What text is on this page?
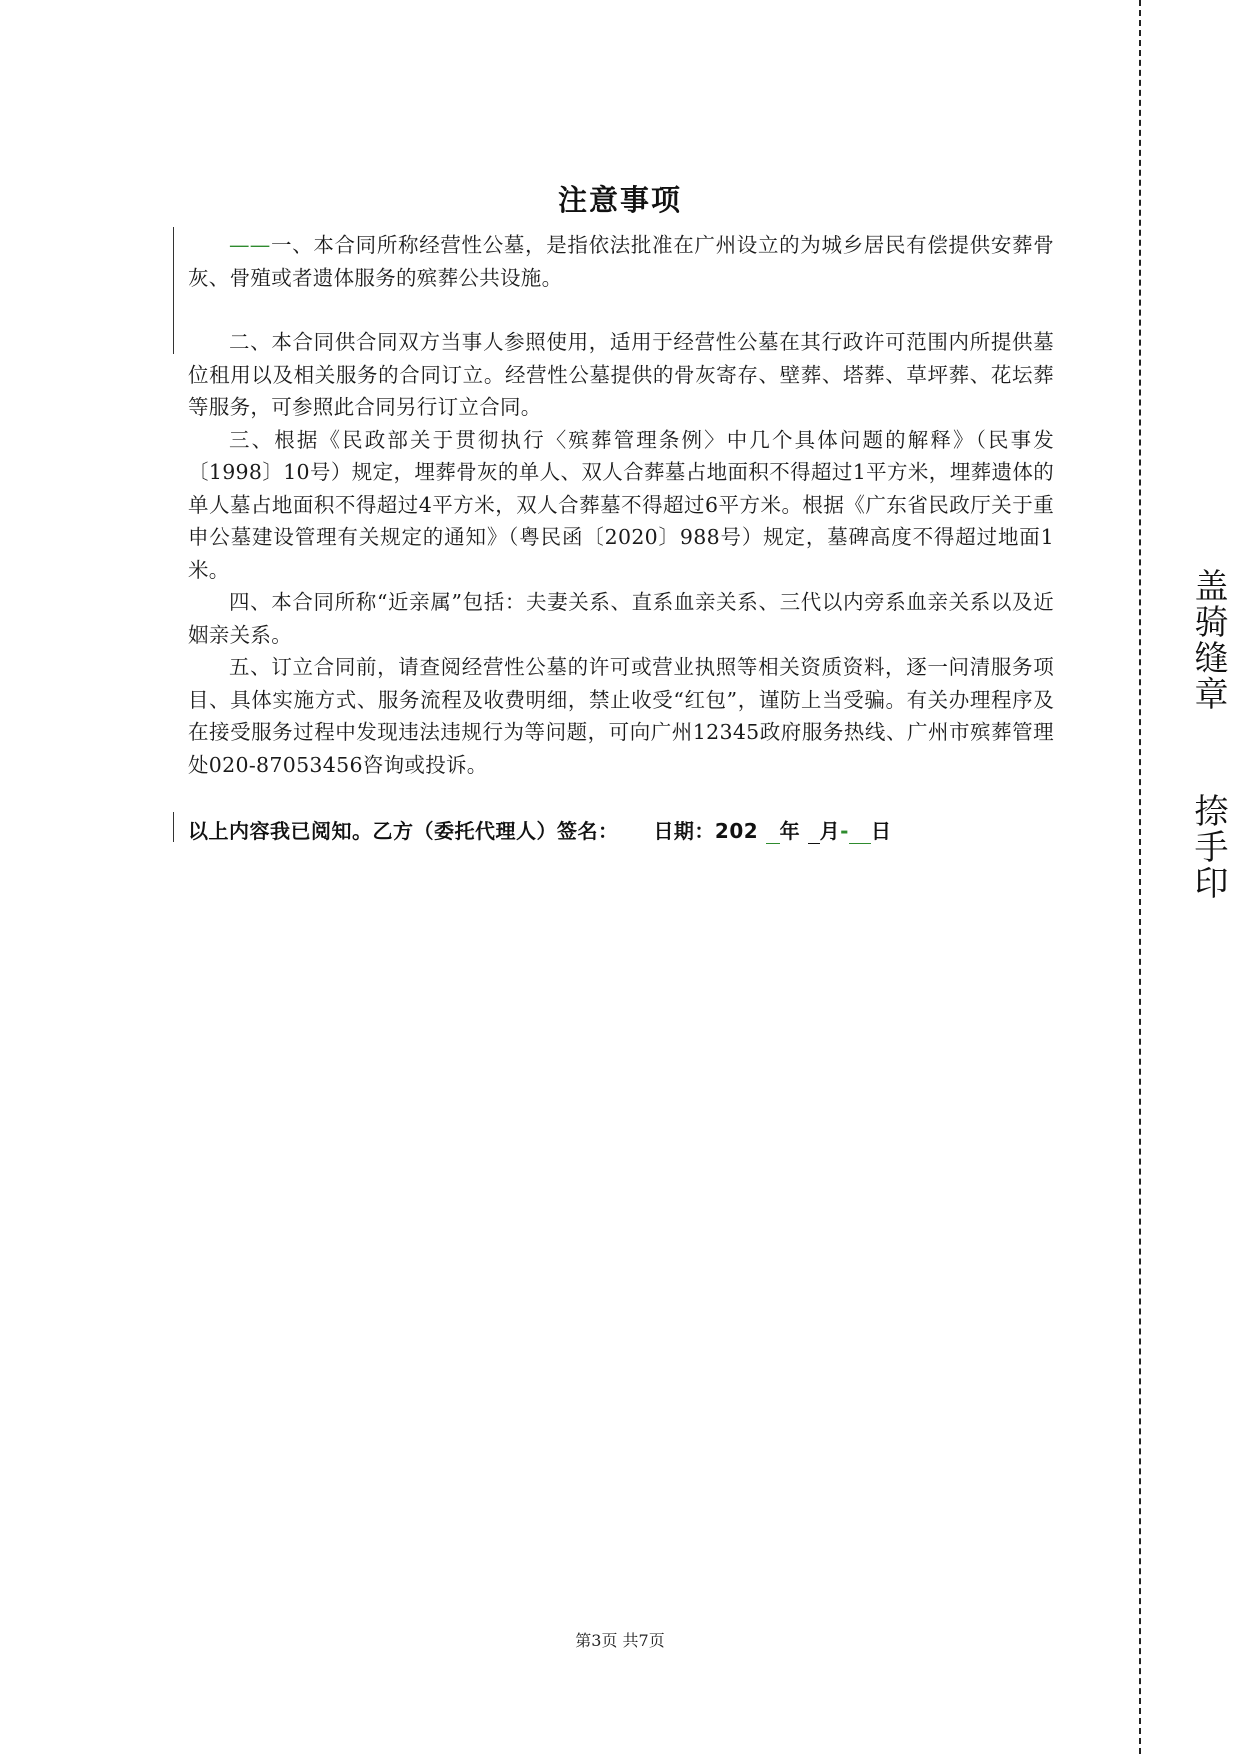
注意事项

——一、本合同所称经营性公墓，是指依法批准在广州设立的为城乡居民有偿提供安葬骨灰、骨殖或者遗体服务的殡葬公共设施。

二、本合同供合同双方当事人参照使用，适用于经营性公墓在其行政许可范围内所提供墓位租用以及相关服务的合同订立。经营性公墓提供的骨灰寄存、壁葬、塔葬、草坪葬、花坛葬等服务，可参照此合同另行订立合同。

三、根据《民政部关于贯彻执行〈殡葬管理条例〉中几个具体问题的解释》（民事发〔1998〕10号）规定，埋葬骨灰的单人、双人合葬墓占地面积不得超过1平方米，埋葬遗体的单人墓占地面积不得超过4平方米，双人合葬墓不得超过6平方米。根据《广东省民政厅关于重申公墓建设管理有关规定的通知》（粤民函〔2020〕988号）规定，墓碑高度不得超过地面1米。

四、本合同所称“近亲属”包括：夫妻关系、直系血亲关系、三代以内旁系血亲关系以及近姻亲关系。

五、订立合同前，请查阅经营性公墓的许可或营业执照等相关资质资料，逐一问清服务项目、具体实施方式、服务流程及收费明细，禁止收受“红包”，谨防上当受骗。有关办理程序及在接受服务过程中发现违法违规行为等问题，可向广州12345政府服务热线、广州市殡葬管理处020-87053456咨询或投诉。

以上内容我已阅知。乙方（委托代理人）签名： 日期：202 年 月- 日

第3页 共7页
盖骑缝章
捺手印
